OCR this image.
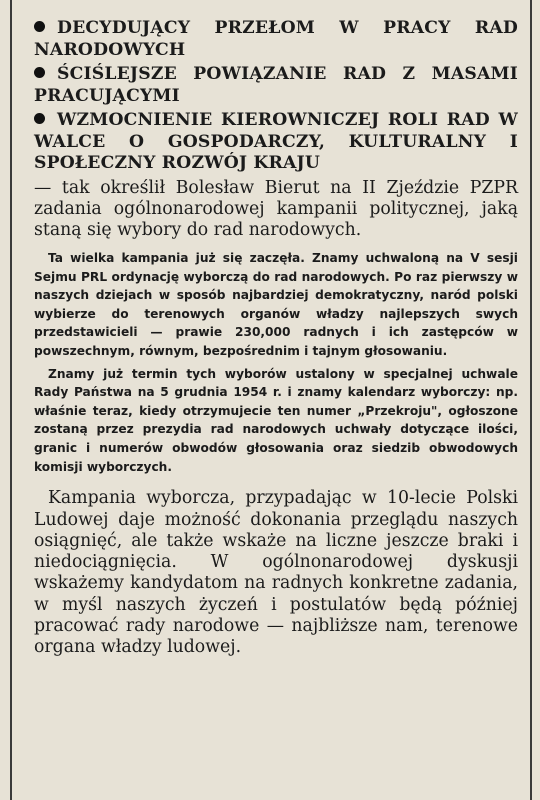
DECYDUJĄCY PRZEŁOM W PRACY RAD NARODOWYCH
ŚCIŚLEJSZE POWIĄZANIE RAD Z MASAMI PRACUJĄCYMI
WZMOCNIENIE KIEROWNICZEJ ROLI RAD W WALCE O GOSPODARCZY, KULTURALNY I SPOŁECZNY ROZWÓJ KRAJU

— tak określił Bolesław Bierut na II Zjeździe PZPR zadania ogólnonarodowej kampanii politycznej, jaką staną się wybory do rad narodowych.

Ta wielka kampania już się zaczęła. Znamy uchwaloną na V sesji Sejmu PRL ordynację wyborczą do rad narodowych. Po raz pierwszy w naszych dziejach w sposób najbardziej demokratyczny, naród polski wybierze do terenowych organów władzy najlepszych swych przedstawicieli — prawie 230,000 radnych i ich zastępców w powszechnym, równym, bezpośrednim i tajnym głosowaniu.

Znamy już termin tych wyborów ustalony w specjalnej uchwale Rady Państwa na 5 grudnia 1954 r. i znamy kalendarz wyborczy: np. właśnie teraz, kiedy otrzymujecie ten numer „Przekroju", ogłoszone zostaną przez prezydia rad narodowych uchwały dotyczące ilości, granic i numerów obwodów głosowania oraz siedzib obwodowych komisji wyborczych.

Kampania wyborcza, przypadając w 10-lecie Polski Ludowej daje możność dokonania przeglądu naszych osiągnięć, ale także wskaże na liczne jeszcze braki i niedociągnięcia. W ogólnonarodowej dyskusji wskażemy kandydatom na radnych konkretne zadania, w myśl naszych życzeń i postulatów będą później pracować rady narodowe — najbliższe nam, terenowe organa władzy ludowej.
